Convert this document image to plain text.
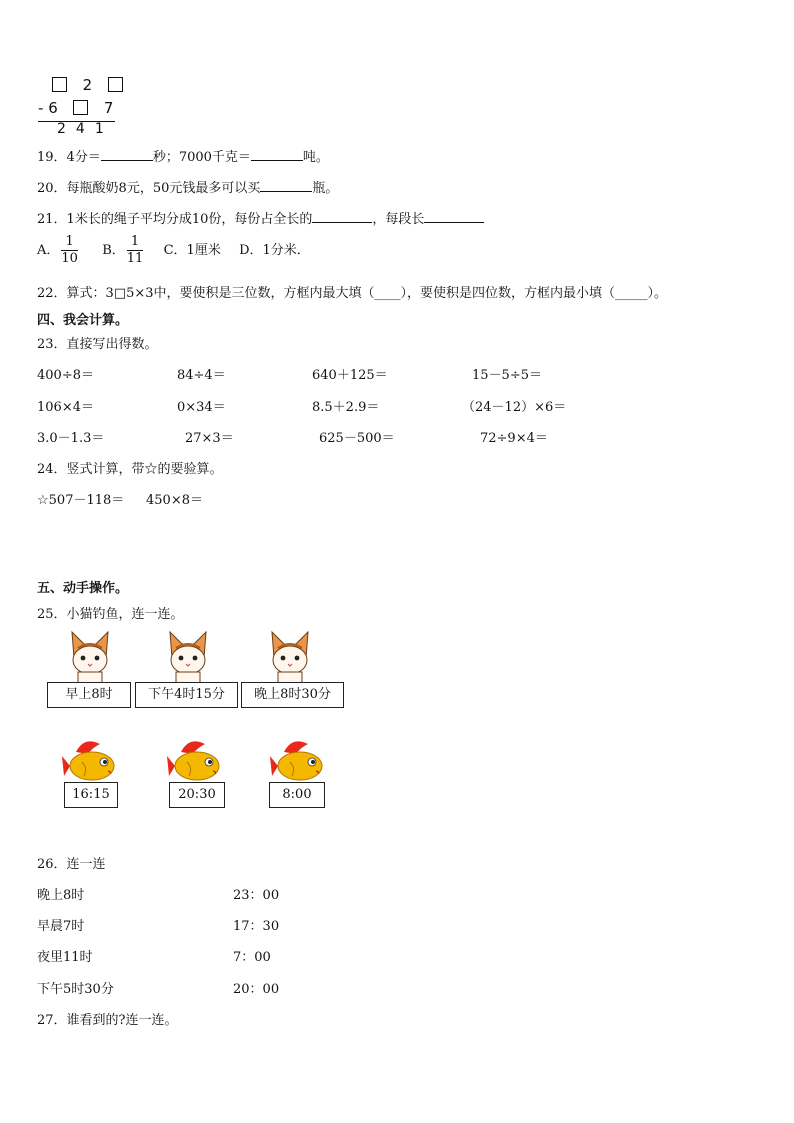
2
- 6	7
2 4 1
19．4分＝	秒；7000千克＝	吨。
20．每瓶酸奶8元，50元钱最多可以买	瓶。
21．1米长的绳子平均分成10份，每份占全长的	，每段长
A． $\frac{1}{10}$ B． $\frac{1}{11}$ C．1厘米 D．1分米．
22．算式：3□5×3中，要使积是三位数，方框内最大填（____），要使积是四位数，方框内最小填（_____）。
四、我会计算。
23．直接写出得数。
400÷8＝	84÷4＝	640＋125＝	15－5÷5＝
106×4＝	0×34＝	8.5＋2.9＝	（24－12）×6＝
3.0－1.3＝	27×3＝	625－500＝	72÷9×4＝
24．竖式计算，带☆的要验算。
☆507－118＝ 450×8＝
五、动手操作。
25．小猫钓鱼，连一连。
早上8时	下午4时15分	晚上8时30分
16:15	20:30	8:00
26．连一连
晚上8时	23：00
早晨7时	17：30
夜里11时	7：00
下午5时30分	20：00
27．谁看到的?连一连。
